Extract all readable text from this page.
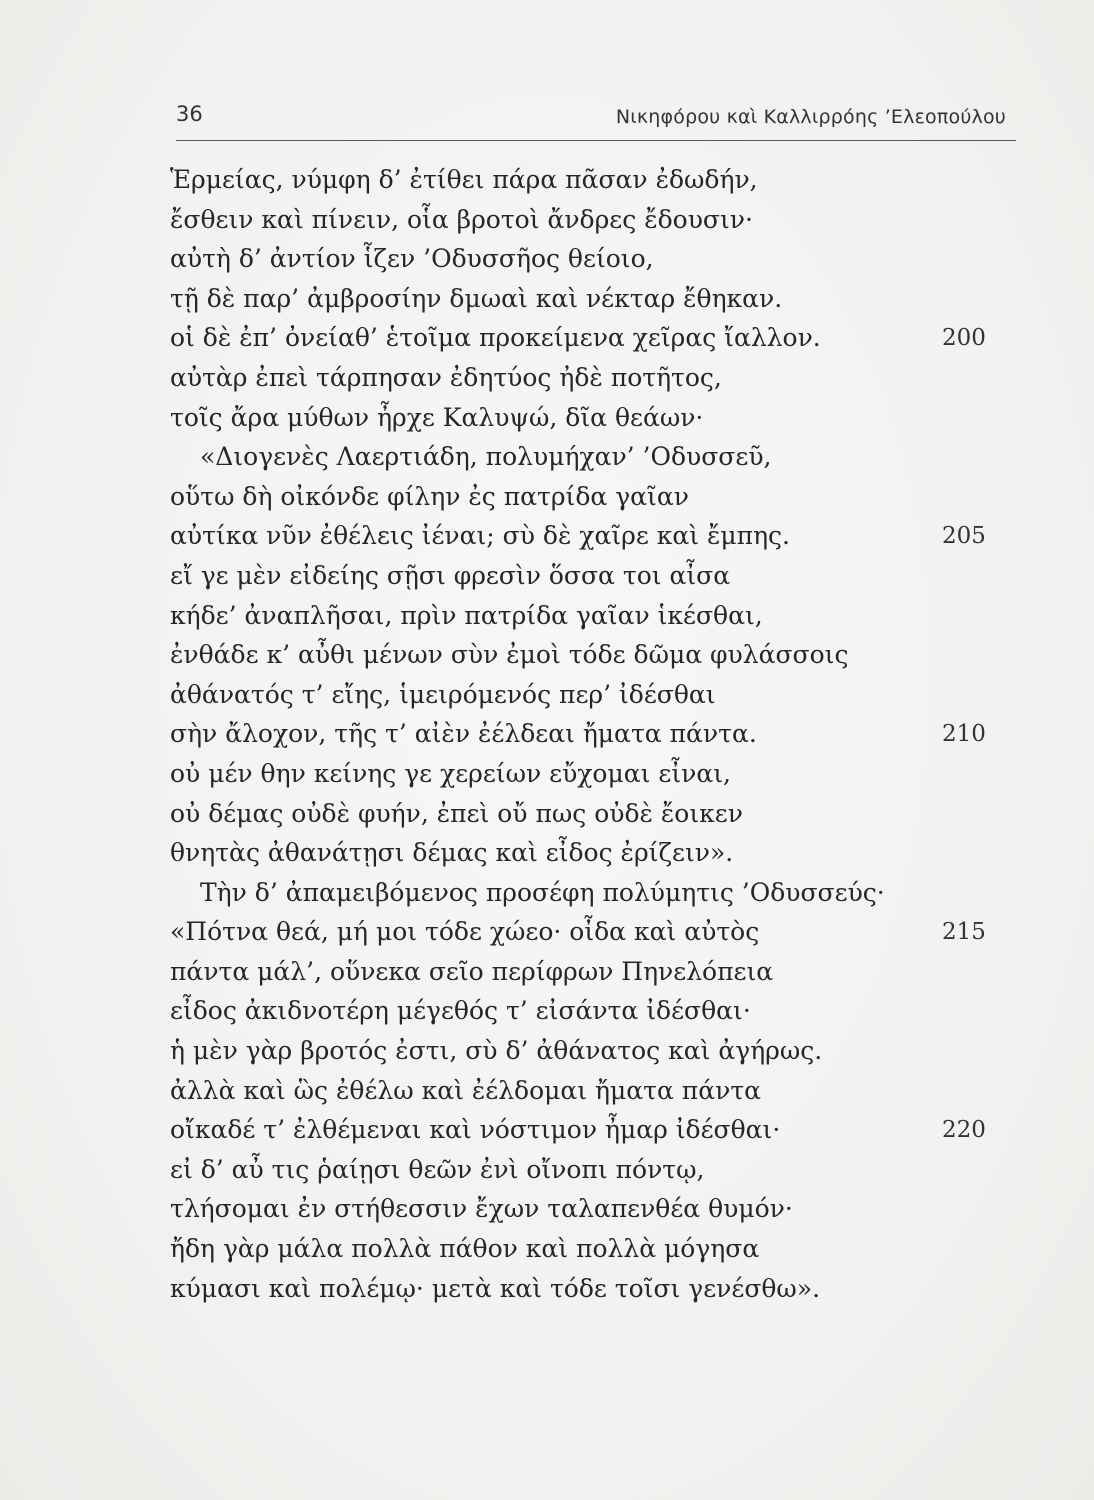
36	Νικηφόρου καὶ Καλλιρρόης ’Ελεοπούλου
Ἑρμείας, νύμφη δ’ ἐτίθει πάρα πᾶσαν ἐδωδήν,
ἔσθειν καὶ πίνειν, οἷα βροτοὶ ἄνδρες ἔδουσιν·
αὐτὴ δ’ ἀντίον ἷζεν ’Οδυσσῆος θείοιο,
τῇ δὲ παρ’ ἀμβροσίην δμωαὶ καὶ νέκταρ ἔθηκαν.
οἱ δὲ ἐπ’ ὀνείαθ’ ἑτοῖμα προκείμενα χεῖρας ἴαλλον.	200
αὐτὰρ ἐπεὶ τάρπησαν ἐδητύος ἠδὲ ποτῆτος,
τοῖς ἄρα μύθων ἦρχε Καλυψώ, δῖα θεάων·
«Διογενὲς Λαερτιάδη, πολυμήχαν’ ’Οδυσσεῦ,
οὕτω δὴ οἰκόνδε φίλην ἐς πατρίδα γαῖαν
αὐτίκα νῦν ἐθέλεις ἰέναι; σὺ δὲ χαῖρε καὶ ἔμπης.	205
εἴ γε μὲν εἰδείης σῇσι φρεσὶν ὅσσα τοι αἶσα
κήδε’ ἀναπλῆσαι, πρὶν πατρίδα γαῖαν ἱκέσθαι,
ἐνθάδε κ’ αὖθι μένων σὺν ἐμοὶ τόδε δῶμα φυλάσσοις
ἀθάνατός τ’ εἴης, ἱμειρόμενός περ’ ἰδέσθαι
σὴν ἄλοχον, τῆς τ’ αἰὲν ἐέλδεαι ἤματα πάντα.	210
οὐ μέν θην κείνης γε χερείων εὔχομαι εἶναι,
οὐ δέμας οὐδὲ φυήν, ἐπεὶ οὔ πως οὐδὲ ἔοικεν
θνητὰς ἀθανάτῃσι δέμας καὶ εἶδος ἐρίζειν».
Τὴν δ’ ἀπαμειβόμενος προσέφη πολύμητις ’Οδυσσεύς·
«Πότνα θεά, μή μοι τόδε χώεο· οἶδα καὶ αὐτὸς	215
πάντα μάλ’, οὕνεκα σεῖο περίφρων Πηνελόπεια
εἶδος ἀκιδνοτέρη μέγεθός τ’ εἰσάντα ἰδέσθαι·
ἡ μὲν γὰρ βροτός ἐστι, σὺ δ’ ἀθάνατος καὶ ἀγήρως.
ἀλλὰ καὶ ὣς ἐθέλω καὶ ἐέλδομαι ἤματα πάντα
οἴκαδέ τ’ ἐλθέμεναι καὶ νόστιμον ἦμαρ ἰδέσθαι·	220
εἰ δ’ αὖ τις ῥαίῃσι θεῶν ἐνὶ οἴνοπι πόντῳ,
τλήσομαι ἐν στήθεσσιν ἔχων ταλαπενθέα θυμόν·
ἤδη γὰρ μάλα πολλὰ πάθον καὶ πολλὰ μόγησα
κύμασι καὶ πολέμῳ· μετὰ καὶ τόδε τοῖσι γενέσθω».
